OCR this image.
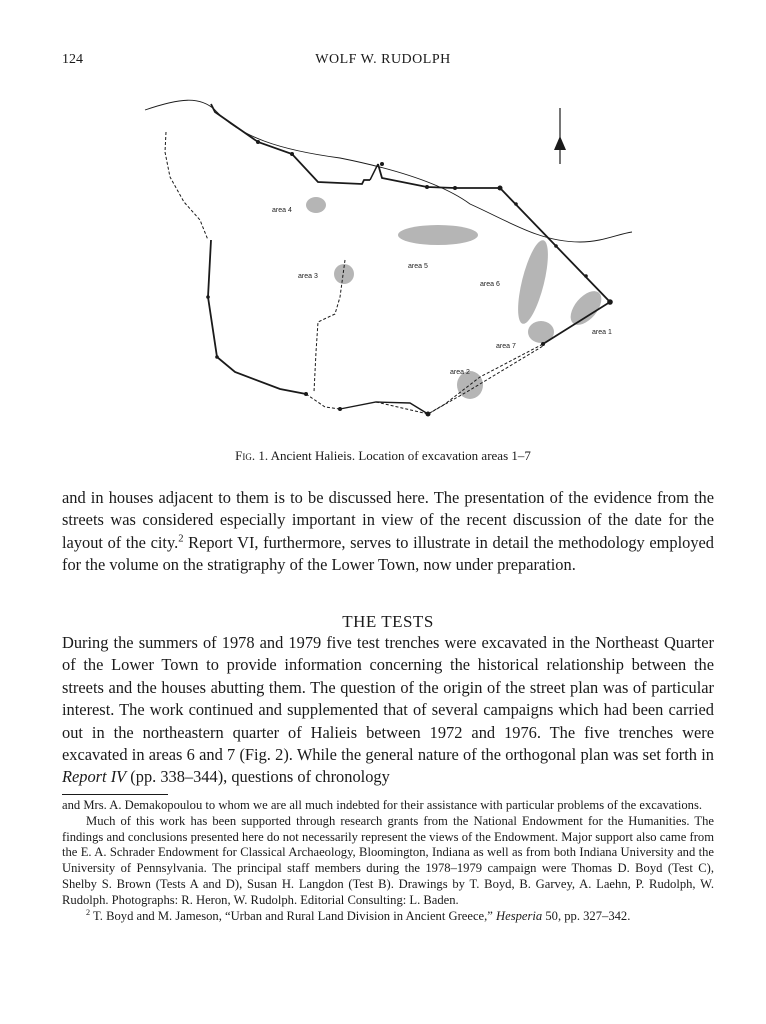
124	WOLF W. RUDOLPH
area 4
area 5
area 3
area 6
area 1
area 7
area 2
Fig. 1. Ancient Halieis. Location of excavation areas 1–7

and in houses adjacent to them is to be discussed here. The presentation of the evidence from the streets was considered especially important in view of the recent discussion of the date for the layout of the city.$^2$ Report VI, furthermore, serves to illustrate in detail the methodology employed for the volume on the stratigraphy of the Lower Town, now under preparation.

THE TESTS

During the summers of 1978 and 1979 five test trenches were excavated in the Northeast Quarter of the Lower Town to provide information concerning the historical relationship between the streets and the houses abutting them. The question of the origin of the street plan was of particular interest. The work continued and supplemented that of several campaigns which had been carried out in the northeastern quarter of Halieis between 1972 and 1976. The five trenches were excavated in areas 6 and 7 (Fig. 2). While the general nature of the orthogonal plan was set forth in Report IV (pp. 338–344), questions of chronology

and Mrs. A. Demakopoulou to whom we are all much indebted for their assistance with particular problems of the excavations.

Much of this work has been supported through research grants from the National Endowment for the Humanities. The findings and conclusions presented here do not necessarily represent the views of the Endowment. Major support also came from the E. A. Schrader Endowment for Classical Archaeology, Bloomington, Indiana as well as from both Indiana University and the University of Pennsylvania. The principal staff members during the 1978–1979 campaign were Thomas D. Boyd (Test C), Shelby S. Brown (Tests A and D), Susan H. Langdon (Test B). Drawings by T. Boyd, B. Garvey, A. Laehn, P. Rudolph, W. Rudolph. Photographs: R. Heron, W. Rudolph. Editorial Consulting: L. Baden.

$^2$ T. Boyd and M. Jameson, “Urban and Rural Land Division in Ancient Greece,” Hesperia 50, pp. 327–342.
